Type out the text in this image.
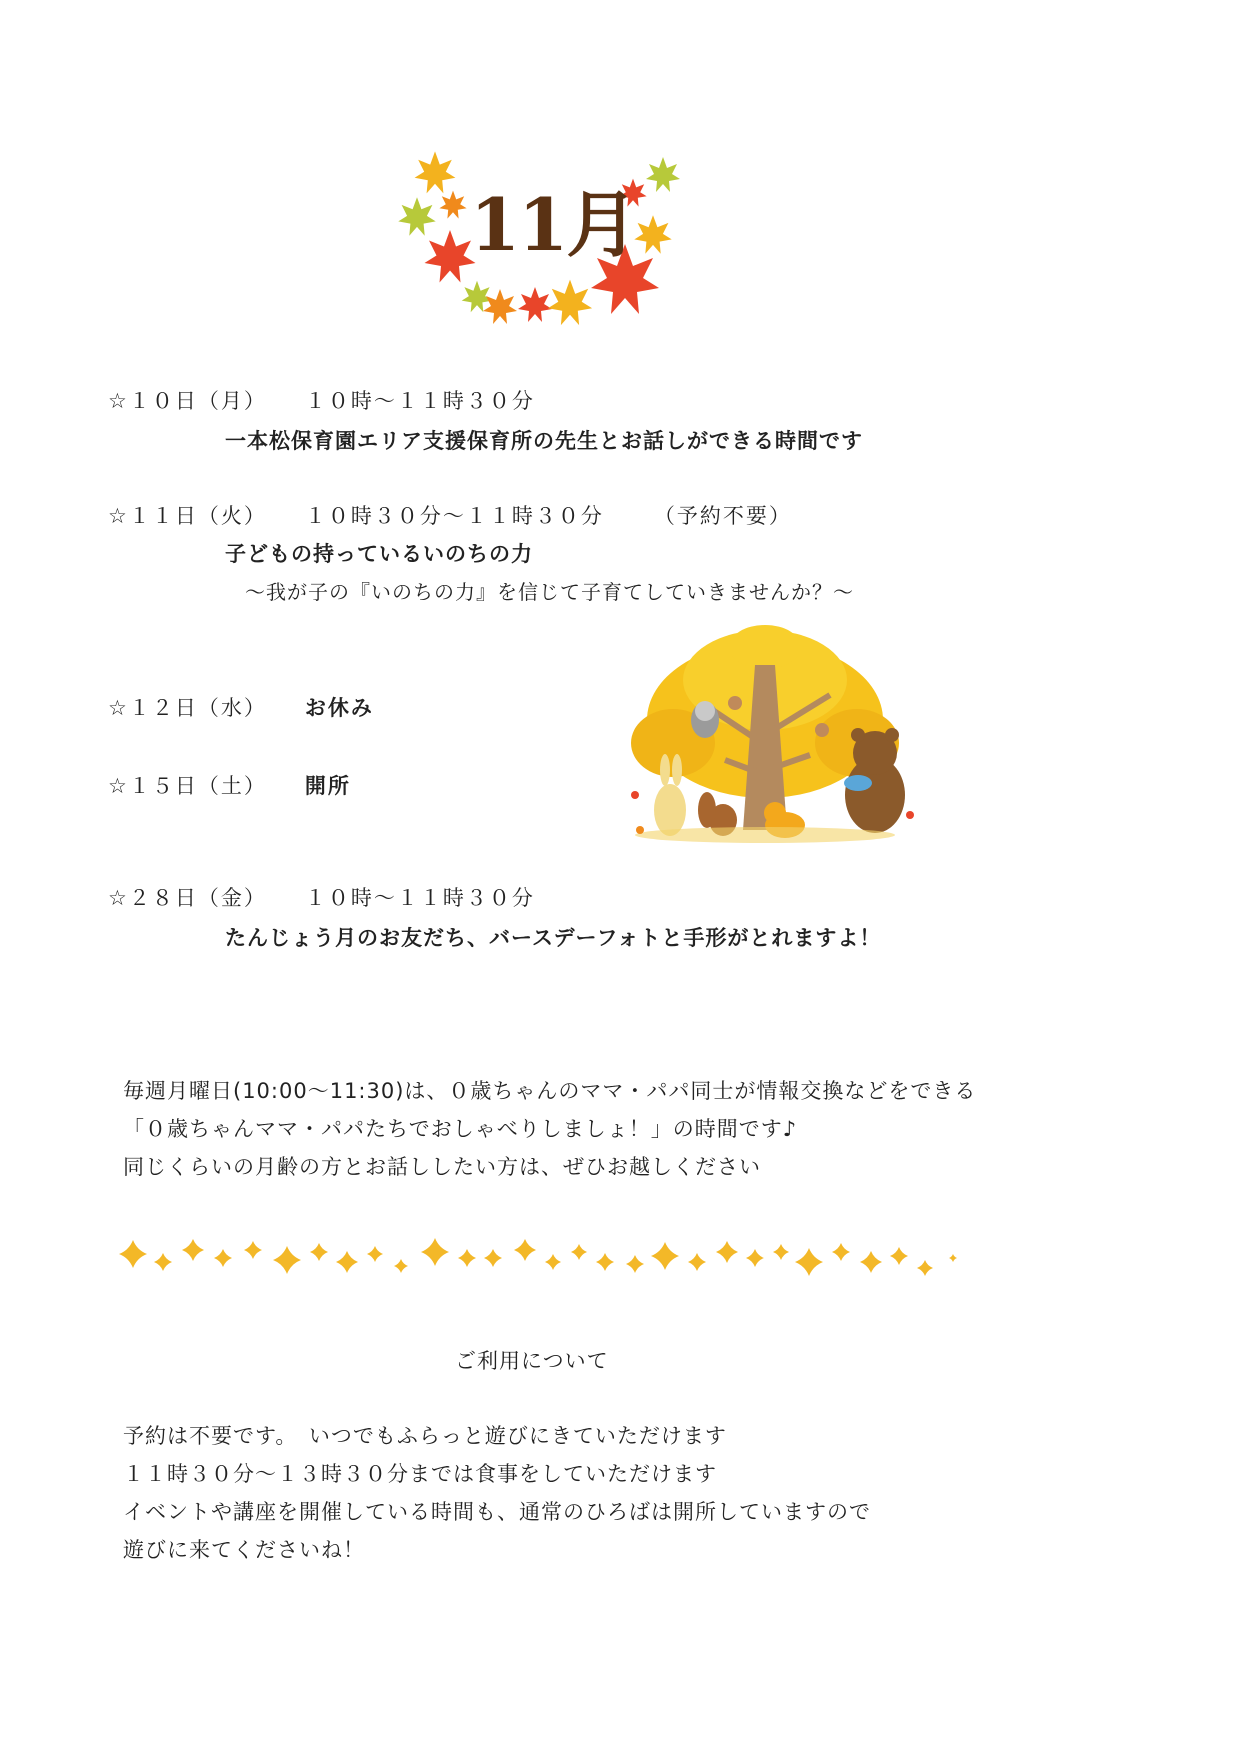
11月
☆１０日（月） １０時～１１時３０分
一本松保育園エリア支援保育所の先生とお話しができる時間です
☆１１日（火） １０時３０分～１１時３０分 （予約不要）
子どもの持っているいのちの力
～我が子の『いのちの力』を信じて子育てしていきませんか？～
☆１２日（水） お休み
☆１５日（土） 開所
☆２８日（金） １０時～１１時３０分
たんじょう月のお友だち、バースデーフォトと手形がとれますよ！
毎週月曜日(10:00～11:30)は、０歳ちゃんのママ・パパ同士が情報交換などをできる
「０歳ちゃんママ・パパたちでおしゃべりしましょ！」の時間です♪
同じくらいの月齢の方とお話ししたい方は、ぜひお越しください
ご利用について
予約は不要です。　いつでもふらっと遊びにきていただけます
１１時３０分～１３時３０分までは食事をしていただけます
イベントや講座を開催している時間も、通常のひろばは開所していますので
遊びに来てくださいね！
